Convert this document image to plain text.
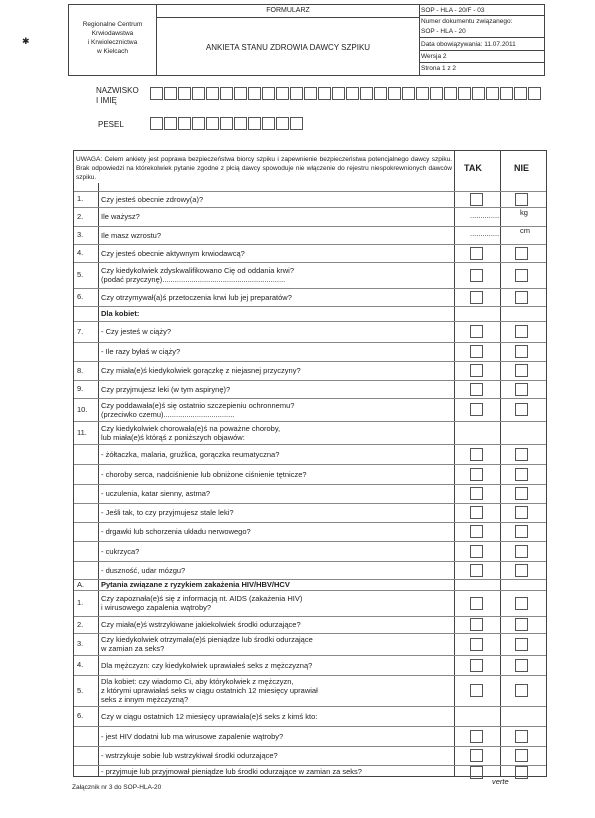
Regionalne Centrum
Krwiodawstwa
i Krwiolecznictwa
w Kielcach
FORMULARZ
ANKIETA STANU ZDROWIA DAWCY SZPIKU
SOP - HLA - 20/F - 03
Numer dokumentu związanego:
SOP - HLA - 20
Data obowiązywania: 11.07.2011
Wersja 2
Strona 1 z 2
✱
NAZWISKO
I IMIĘ
PESEL
UWAGA: Celem ankiety jest poprawa bezpieczeństwa biorcy szpiku i zapewnienie bezpieczeństwa potencjalnego dawcy szpiku. Brak odpowiedzi na którekolwiek pytanie zgodne z płcią dawcy spowoduje nie włączenie do rejestru niespokrewnionych dawców szpiku.
TAK	NIE
1. Czy jesteś obecnie zdrowy(a)?
2. Ile ważysz?	..............	kg
3. Ile masz wzrostu?	..............	cm
4. Czy jesteś obecnie aktywnym krwiodawcą?
5. Czy kiedykolwiek zdyskwalifikowano Cię od oddania krwi?
(podać przyczynę)...........................................................
6. Czy otrzymywał(a)ś przetoczenia krwi lub jej preparatów?
Dla kobiet:
7. - Czy jesteś w ciąży?
- Ile razy byłaś w ciąży?
8. Czy miała(e)ś kiedykolwiek gorączkę z niejasnej przyczyny?
9. Czy przyjmujesz leki (w tym aspirynę)?
10. Czy poddawała(e)ś się ostatnio szczepieniu ochronnemu?
(przeciwko czemu)..................................
11. Czy kiedykolwiek chorowała(e)ś na poważne choroby,
lub miała(e)ś którąś z poniższych objawów:
- żółtaczka, malaria, grużlica, gorączka reumatyczna?
- choroby serca, nadciśnienie lub obniżone ciśnienie tętnicze?
- uczulenia, katar sienny, astma?
- Jeśli tak, to czy przyjmujesz stale leki?
- drgawki lub schorzenia układu nerwowego?
- cukrzyca?
- duszność, udar mózgu?
A. Pytania związane z ryzykiem zakażenia HIV/HBV/HCV
1. Czy zapoznała(e)ś się z informacją nt. AIDS (zakażenia HIV)
i wirusowego zapalenia wątroby?
2. Czy miała(e)ś wstrzykiwane jakiekolwiek środki odurzające?
3. Czy kiedykolwiek otrzymała(e)ś pieniądze lub środki odurzające
w zamian za seks?
4. Dla mężczyzn: czy kiedykolwiek uprawiałeś seks z mężczyzną?
5.
Dla kobiet: czy wiadomo Ci, aby którykolwiek z mężczyzn,
z którymi uprawiałaś seks w ciągu ostatnich 12 miesięcy uprawiał
seks z innym mężczyzną?
6. Czy w ciągu ostatnich 12 miesięcy uprawiała(e)ś seks z kimś kto:
- jest HIV dodatni lub ma wirusowe zapalenie wątroby?
- wstrzykuje sobie lub wstrzykiwał środki odurzające?
- przyjmuje lub przyjmował pieniądze lub środki odurzające w zamian za seks?
Załącznik nr 3 do SOP-HLA-20
verte
